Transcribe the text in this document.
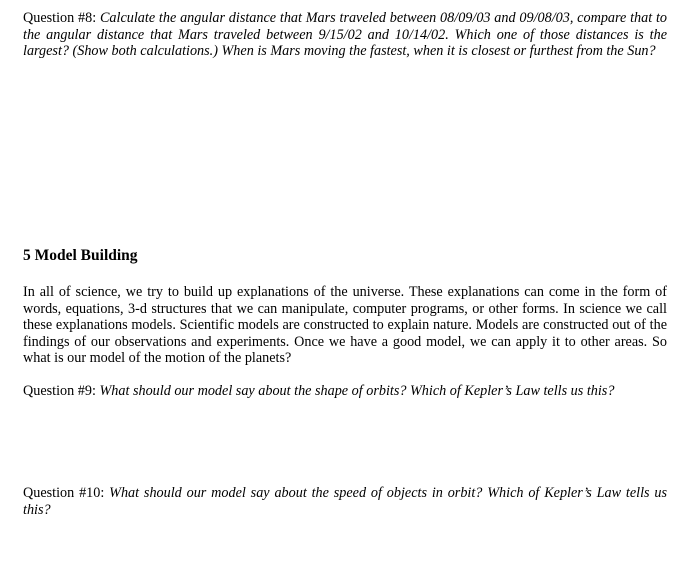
Question #8: Calculate the angular distance that Mars traveled between 08/09/03 and 09/08/03, compare that to the angular distance that Mars traveled between 9/15/02 and 10/14/02. Which one of those distances is the largest? (Show both calculations.) When is Mars moving the fastest, when it is closest or furthest from the Sun?

5 Model Building

In all of science, we try to build up explanations of the universe. These explanations can come in the form of words, equations, 3-d structures that we can manipulate, computer programs, or other forms. In science we call these explanations models. Scientific models are constructed to explain nature. Models are constructed out of the findings of our observations and experiments. Once we have a good model, we can apply it to other areas. So what is our model of the motion of the planets?

Question #9: What should our model say about the shape of orbits? Which of Kepler’s Law tells us this?

Question #10: What should our model say about the speed of objects in orbit? Which of Kepler’s Law tells us this?
